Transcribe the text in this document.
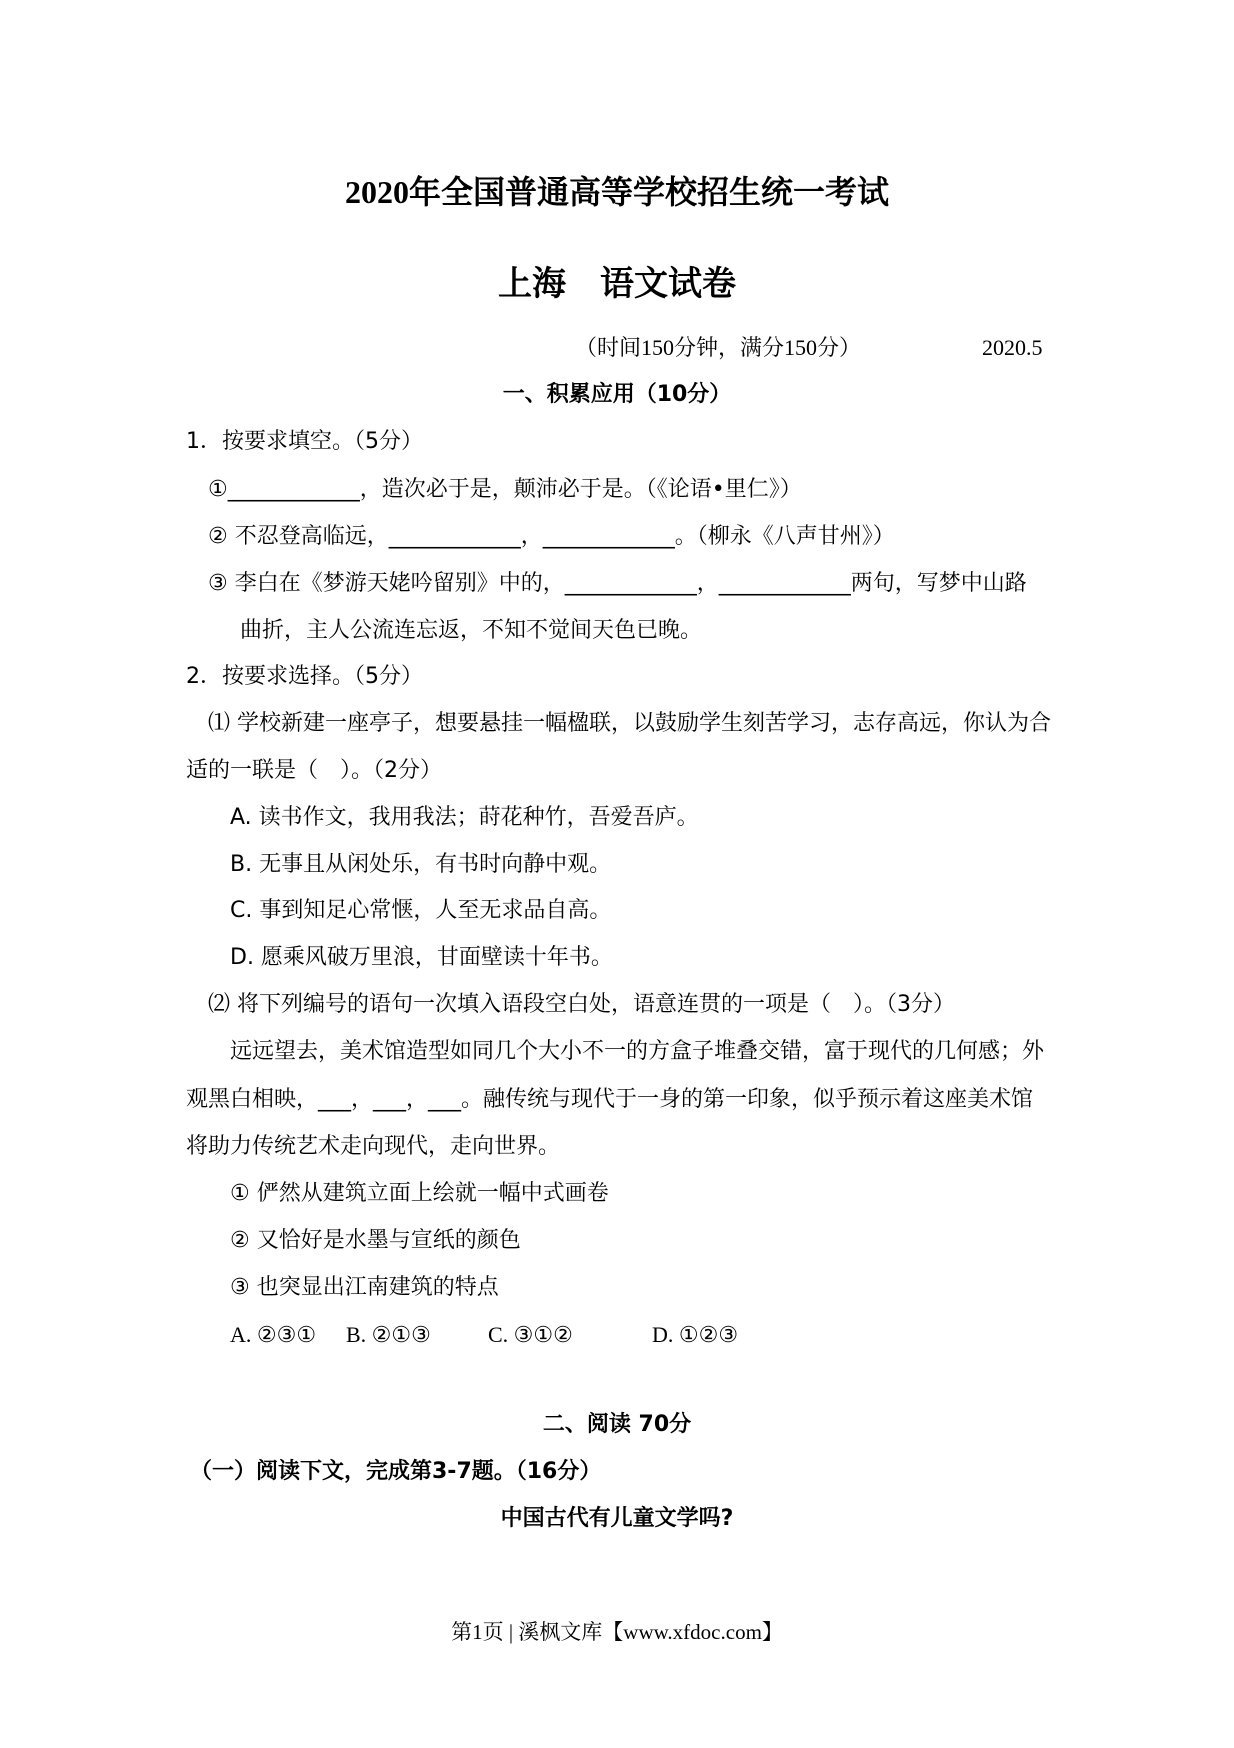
2020年全国普通高等学校招生统一考试
上海　语文试卷
（时间150分钟，满分150分）	2020.5
一、积累应用（10分）
1．按要求填空。（5分）
①____________，造次必于是，颠沛必于是。（《论语•里仁》）
② 不忍登高临远，____________，____________。（柳永《八声甘州》）
③ 李白在《梦游天姥吟留别》中的，____________，____________两句，写梦中山路
曲折，主人公流连忘返，不知不觉间天色已晚。
2．按要求选择。（5分）
⑴ 学校新建一座亭子，想要悬挂一幅楹联，以鼓励学生刻苦学习，志存高远，你认为合
适的一联是（　）。（2分）
A. 读书作文，我用我法；莳花种竹，吾爱吾庐。
B. 无事且从闲处乐，有书时向静中观。
C. 事到知足心常惬，人至无求品自高。
D. 愿乘风破万里浪，甘面壁读十年书。
⑵ 将下列编号的语句一次填入语段空白处，语意连贯的一项是（　）。（3分）
远远望去，美术馆造型如同几个大小不一的方盒子堆叠交错，富于现代的几何感；外
观黑白相映，___，___，___。融传统与现代于一身的第一印象，似乎预示着这座美术馆
将助力传统艺术走向现代，走向世界。
① 俨然从建筑立面上绘就一幅中式画卷
② 又恰好是水墨与宣纸的颜色
③ 也突显出江南建筑的特点
A. ②③① B. ②①③	C. ③①②	D. ①②③
二、阅读 70分
（一）阅读下文，完成第3-7题。（16分）
中国古代有儿童文学吗?
第1页 | 溪枫文库【www.xfdoc.com】
